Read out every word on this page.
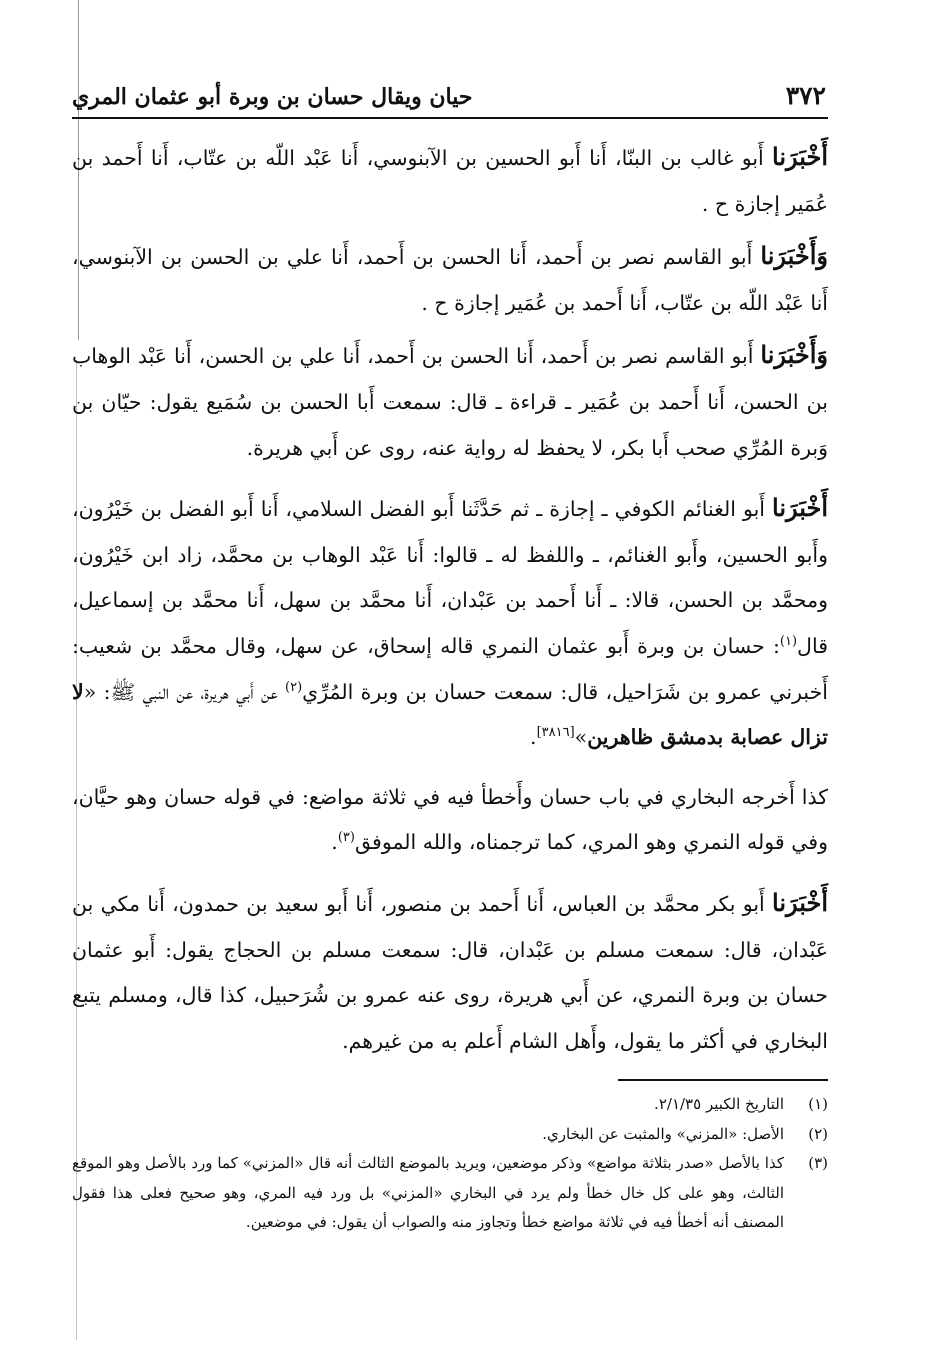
٣٧٢
حيان ويقال حسان بن وبرة أبو عثمان المري

أَخْبَرَنا أَبو غالب بن البنّا، أَنا أَبو الحسين بن الآبنوسي، أَنا عَبْد اللّه بن عتّاب، أَنا أَحمد بن عُمَير إجازة ح .

وَأَخْبَرَنا أَبو القاسم نصر بن أَحمد، أَنا الحسن بن أَحمد، أَنا علي بن الحسن بن الآبنوسي، أَنا عَبْد اللّه بن عتّاب، أَنا أَحمد بن عُمَير إجازة ح .

وَأَخْبَرَنا أَبو القاسم نصر بن أَحمد، أَنا الحسن بن أَحمد، أَنا علي بن الحسن، أَنا عَبْد الوهاب بن الحسن، أَنا أَحمد بن عُمَير ـ قراءة ـ قال: سمعت أَبا الحسن بن سُمَيع يقول: حيّان بن وَبرة المُرِّي صحب أَبا بكر، لا يحفظ له رواية عنه، روى عن أَبي هريرة.

أَخْبَرَنا أَبو الغنائم الكوفي ـ إجازة ـ ثم حَدَّثَنا أَبو الفضل السلامي، أَنا أَبو الفضل بن خَيْرُون، وأَبو الحسين، وأَبو الغنائم، ـ واللفظ له ـ قالوا: أَنا عَبْد الوهاب بن محمَّد، زاد ابن خَيْرُون، ومحمَّد بن الحسن، قالا: ـ أَنا أَحمد بن عَبْدان، أَنا محمَّد بن سهل، أَنا محمَّد بن إسماعيل، قال$^{(١)}$: حسان بن وبرة أَبو عثمان النمري قاله إسحاق، عن سهل، وقال محمَّد بن شعيب: أَخبرني عمرو بن شَرَاحيل، قال: سمعت حسان بن وبرة المُرِّي$^{(٢)}$ عن أَبي هريرة، عن النبي ﷺ: «لا تزال عصابة بدمشق ظاهرين»[٣٨١٦].

كذا أَخرجه البخاري في باب حسان وأَخطأ فيه في ثلاثة مواضع: في قوله حسان وهو حيَّان، وفي قوله النمري وهو المري، كما ترجمناه، والله الموفق$^{(٣)}$.

أَخْبَرَنا أَبو بكر محمَّد بن العباس، أَنا أَحمد بن منصور، أَنا أَبو سعيد بن حمدون، أَنا مكي بن عَبْدان، قال: سمعت مسلم بن عَبْدان، قال: سمعت مسلم بن الحجاج يقول: أَبو عثمان حسان بن وبرة النمري، عن أَبي هريرة، روى عنه عمرو بن شُرَحبيل، كذا قال، ومسلم يتبع البخاري في أكثر ما يقول، وأَهل الشام أَعلم به من غيرهم.

(١)
التاريخ الكبير ٢/١/٣٥.
(٢)
الأصل: «المزني» والمثبت عن البخاري.
(٣)
كذا بالأصل «صدر بثلاثة مواضع» وذكر موضعين، ويريد بالموضع الثالث أنه قال «المزني» كما ورد بالأصل وهو الموقع الثالث، وهو على كل خال خطأ ولم يرد في البخاري «المزني» بل ورد فيه المري، وهو صحيح فعلى هذا فقول المصنف أنه أخطأ فيه في ثلاثة مواضع خطأ وتجاوز منه والصواب أن يقول: في موضعين.
